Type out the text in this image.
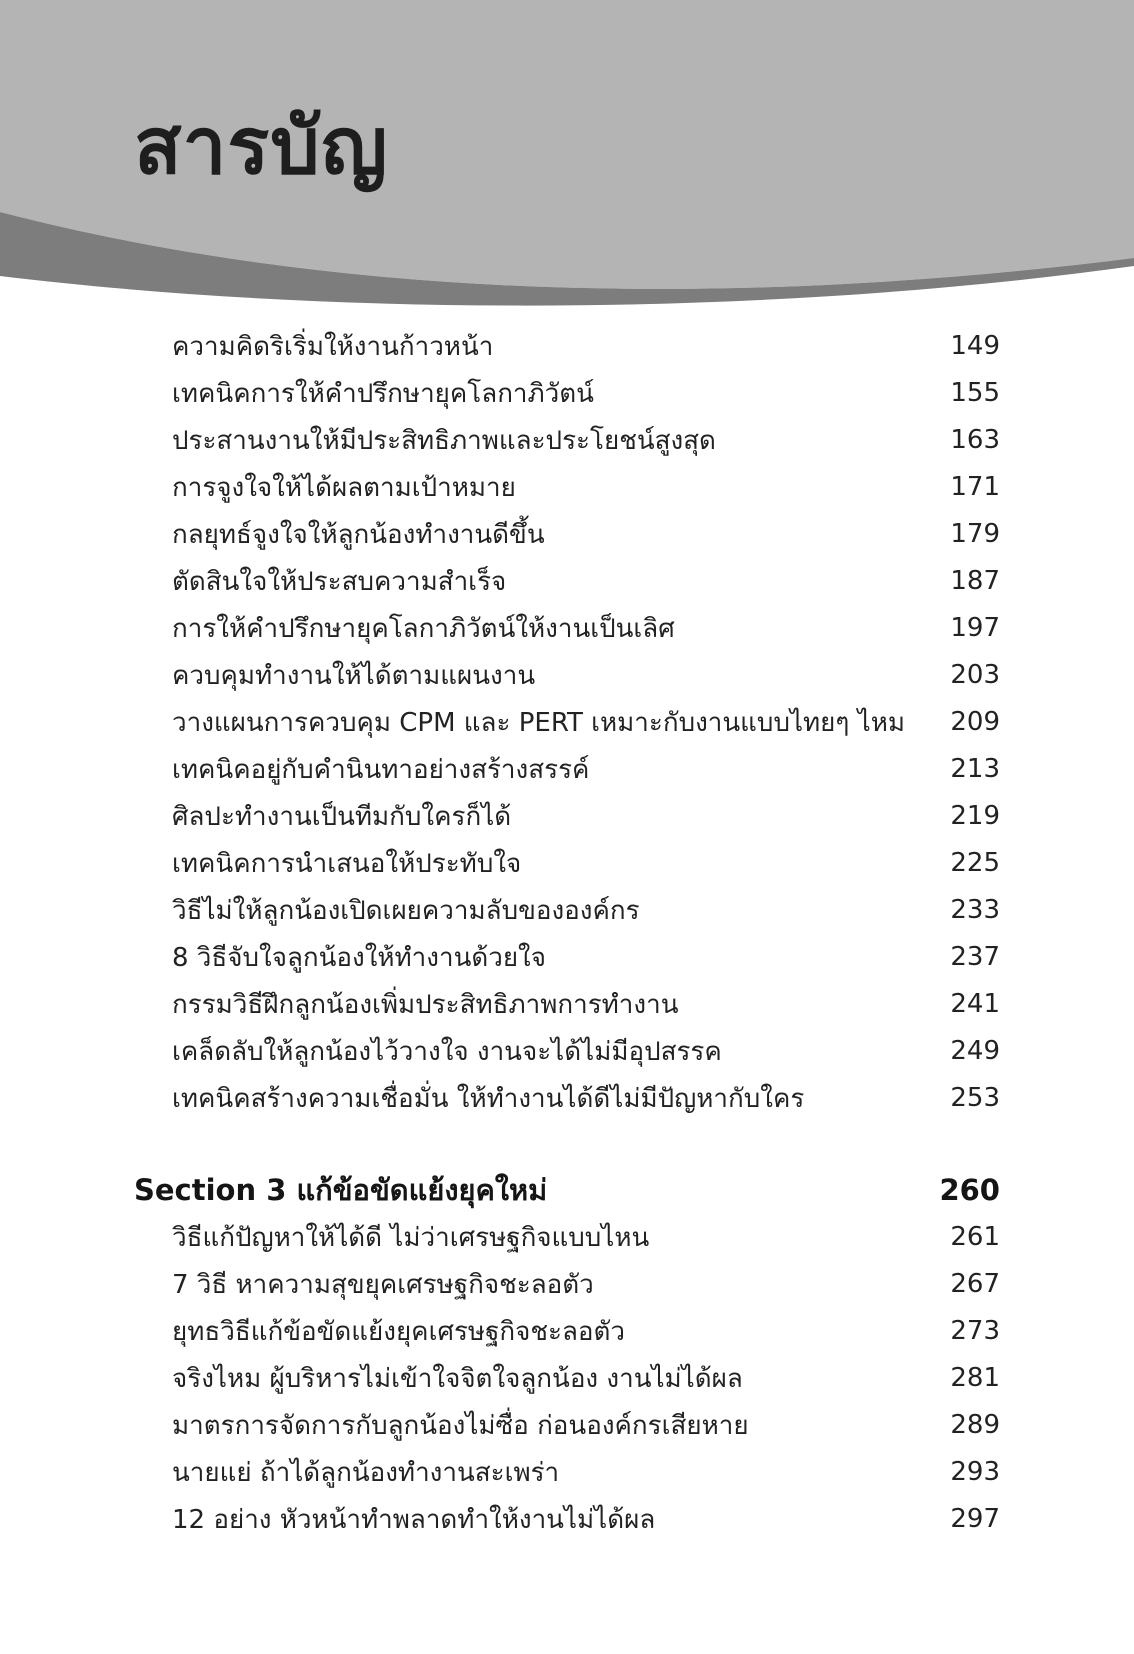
สารบัญ
ความคิดริเริ่มให้งานก้าวหน้า	149
เทคนิคการให้คำปรึกษายุคโลกาภิวัตน์	155
ประสานงานให้มีประสิทธิภาพและประโยชน์สูงสุด	163
การจูงใจให้ได้ผลตามเป้าหมาย	171
กลยุทธ์จูงใจให้ลูกน้องทำงานดีขึ้น	179
ตัดสินใจให้ประสบความสำเร็จ	187
การให้คำปรึกษายุคโลกาภิวัตน์ให้งานเป็นเลิศ	197
ควบคุมทำงานให้ได้ตามแผนงาน	203
วางแผนการควบคุม CPM และ PERT เหมาะกับงานแบบไทยๆ ไหม	209
เทคนิคอยู่กับคำนินทาอย่างสร้างสรรค์	213
ศิลปะทำงานเป็นทีมกับใครก็ได้	219
เทคนิคการนำเสนอให้ประทับใจ	225
วิธีไม่ให้ลูกน้องเปิดเผยความลับขององค์กร	233
8 วิธีจับใจลูกน้องให้ทำงานด้วยใจ	237
กรรมวิธีฝึกลูกน้องเพิ่มประสิทธิภาพการทำงาน	241
เคล็ดลับให้ลูกน้องไว้วางใจ งานจะได้ไม่มีอุปสรรค	249
เทคนิคสร้างความเชื่อมั่น ให้ทำงานได้ดีไม่มีปัญหากับใคร	253
Section 3 แก้ข้อขัดแย้งยุคใหม่	260
วิธีแก้ปัญหาให้ได้ดี ไม่ว่าเศรษฐกิจแบบไหน	261
7 วิธี หาความสุขยุคเศรษฐกิจชะลอตัว	267
ยุทธวิธีแก้ข้อขัดแย้งยุคเศรษฐกิจชะลอตัว	273
จริงไหม ผู้บริหารไม่เข้าใจจิตใจลูกน้อง งานไม่ได้ผล	281
มาตรการจัดการกับลูกน้องไม่ซื่อ ก่อนองค์กรเสียหาย	289
นายแย่ ถ้าได้ลูกน้องทำงานสะเพร่า	293
12 อย่าง หัวหน้าทำพลาดทำให้งานไม่ได้ผล	297
